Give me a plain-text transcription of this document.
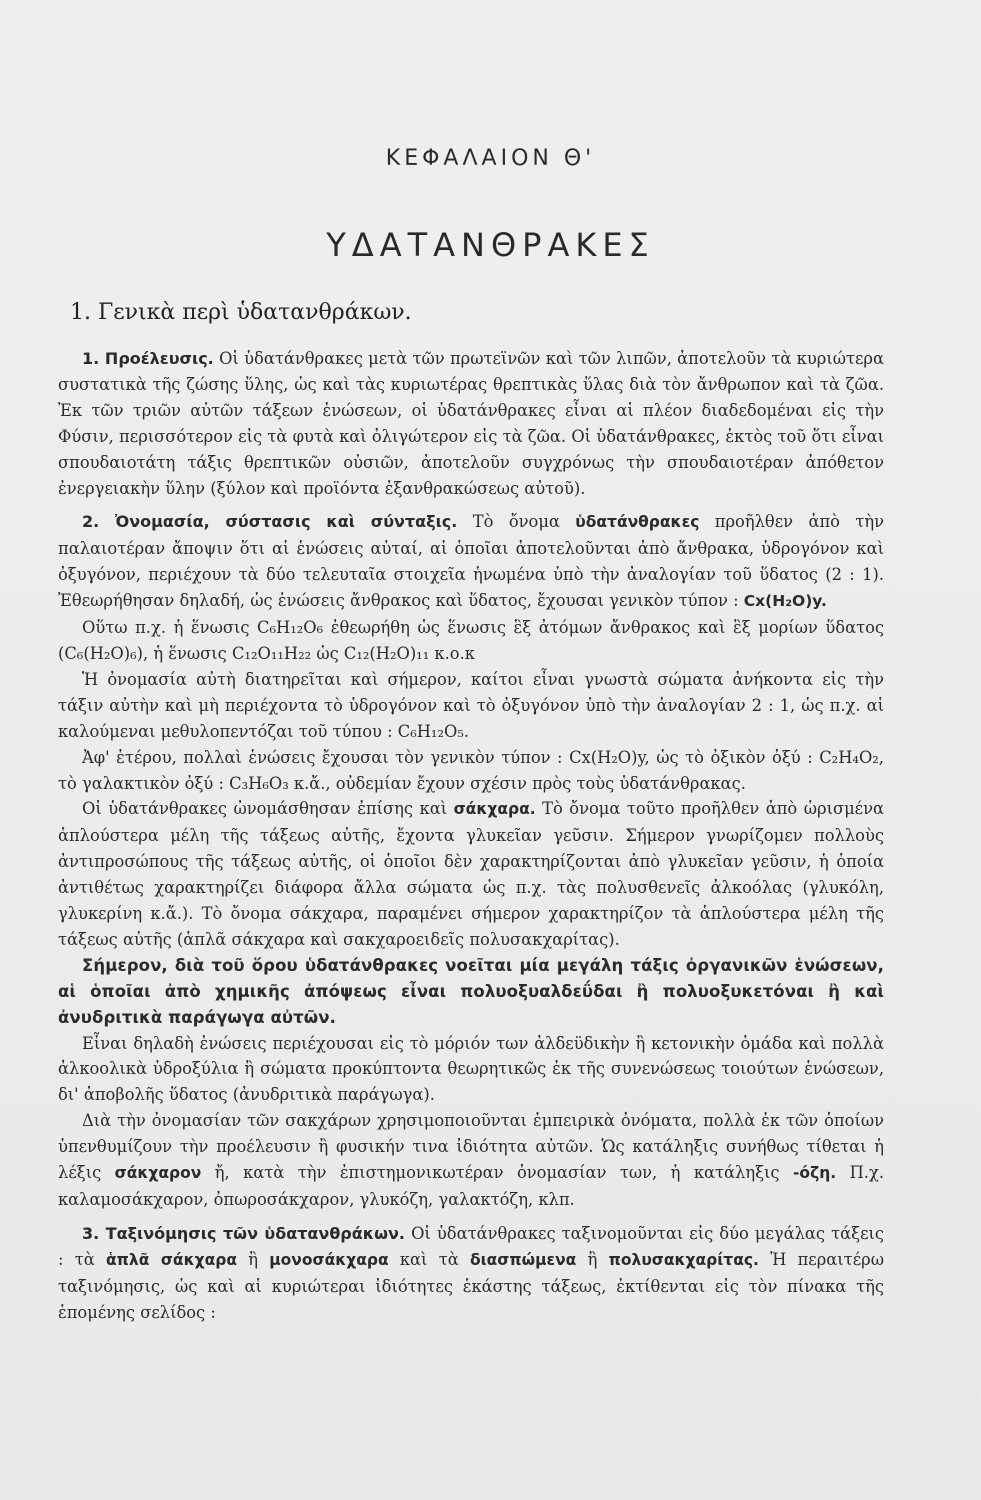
ΚΕΦΑΛΑΙΟΝ Θ'
ΥΔΑΤΑΝΘΡΑΚΕΣ
1. Γενικὰ περὶ ὑδατανθράκων.

1. Προέλευσις. Οἱ ὑδατάνθρακες μετὰ τῶν πρωτεϊνῶν καὶ τῶν λιπῶν, ἀποτελοῦν τὰ κυριώτερα συστατικὰ τῆς ζώσης ὕλης, ὡς καὶ τὰς κυριωτέρας θρεπτικὰς ὕλας διὰ τὸν ἄνθρωπον καὶ τὰ ζῶα. Ἐκ τῶν τριῶν αὐτῶν τάξεων ἑνώσεων, οἱ ὑδατάνθρακες εἶναι αἱ πλέον διαδεδομέναι εἰς τὴν Φύσιν, περισσότερον εἰς τὰ φυτὰ καὶ ὀλιγώτερον εἰς τὰ ζῶα. Οἱ ὑδατάνθρακες, ἐκτὸς τοῦ ὅτι εἶναι σπουδαιοτάτη τάξις θρεπτικῶν οὐσιῶν, ἀποτελοῦν συγχρόνως τὴν σπουδαιοτέραν ἀπόθετον ἐνεργειακὴν ὕλην (ξύλον καὶ προϊόντα ἐξανθρακώσεως αὐτοῦ).

2. Ὀνομασία, σύστασις καὶ σύνταξις. Τὸ ὄνομα ὑδατάνθρακες προῆλθεν ἀπὸ τὴν παλαιοτέραν ἄποψιν ὅτι αἱ ἑνώσεις αὐταί, αἱ ὁποῖαι ἀποτελοῦνται ἀπὸ ἄνθρακα, ὑδρογόνον καὶ ὀξυγόνον, περιέχουν τὰ δύο τελευταῖα στοιχεῖα ἡνωμένα ὑπὸ τὴν ἀναλογίαν τοῦ ὕδατος (2 : 1). Ἐθεωρήθησαν δηλαδή, ὡς ἑνώσεις ἄνθρακος καὶ ὕδατος, ἔχουσαι γενικὸν τύπον : Cx(H₂O)y.

Οὕτω π.χ. ἡ ἕνωσις C₆H₁₂O₆ ἐθεωρήθη ὡς ἕνωσις ἓξ ἀτόμων ἄνθρακος καὶ ἓξ μορίων ὕδατος (C₆(H₂O)₆), ἡ ἕνωσις C₁₂O₁₁H₂₂ ὡς C₁₂(H₂O)₁₁ κ.ο.κ

Ἡ ὀνομασία αὐτὴ διατηρεῖται καὶ σήμερον, καίτοι εἶναι γνωστὰ σώματα ἀνήκοντα εἰς τὴν τάξιν αὐτὴν καὶ μὴ περιέχοντα τὸ ὑδρογόνον καὶ τὸ ὀξυγόνον ὑπὸ τὴν ἀναλογίαν 2 : 1, ὡς π.χ. αἱ καλούμεναι μεθυλοπεντόζαι τοῦ τύπου : C₆H₁₂O₅.

Ἀφ' ἑτέρου, πολλαὶ ἑνώσεις ἔχουσαι τὸν γενικὸν τύπον : Cx(H₂O)y, ὡς τὸ ὀξικὸν ὀξύ : C₂H₄O₂, τὸ γαλακτικὸν ὀξύ : C₃H₆O₃ κ.ἄ., οὐδεμίαν ἔχουν σχέσιν πρὸς τοὺς ὑδατάνθρακας.

Οἱ ὑδατάνθρακες ὠνομάσθησαν ἐπίσης καὶ σάκχαρα. Τὸ ὄνομα τοῦτο προῆλθεν ἀπὸ ὡρισμένα ἁπλούστερα μέλη τῆς τάξεως αὐτῆς, ἔχοντα γλυκεῖαν γεῦσιν. Σήμερον γνωρίζομεν πολλοὺς ἀντιπροσώπους τῆς τάξεως αὐτῆς, οἱ ὁποῖοι δὲν χαρακτηρίζονται ἀπὸ γλυκεῖαν γεῦσιν, ἡ ὁποία ἀντιθέτως χαρακτηρίζει διάφορα ἄλλα σώματα ὡς π.χ. τὰς πολυσθενεῖς ἀλκοόλας (γλυκόλη, γλυκερίνη κ.ἄ.). Τὸ ὄνομα σάκχαρα, παραμένει σήμερον χαρακτηρίζον τὰ ἁπλούστερα μέλη τῆς τάξεως αὐτῆς (ἁπλᾶ σάκχαρα καὶ σακχαροειδεῖς πολυσακχαρίτας).

Σήμερον, διὰ τοῦ ὅρου ὑδατάνθρακες νοεῖται μία μεγάλη τάξις ὀργανικῶν ἑνώσεων, αἱ ὁποῖαι ἀπὸ χημικῆς ἀπόψεως εἶναι πολυοξυαλδεΰδαι ἢ πολυοξυκετόναι ἢ καὶ ἀνυδριτικὰ παράγωγα αὐτῶν.

Εἶναι δηλαδὴ ἑνώσεις περιέχουσαι εἰς τὸ μόριόν των ἀλδεϋδικὴν ἢ κετονικὴν ὁμάδα καὶ πολλὰ ἀλκοολικὰ ὑδροξύλια ἢ σώματα προκύπτοντα θεωρητικῶς ἐκ τῆς συνενώσεως τοιούτων ἑνώσεων, δι' ἀποβολῆς ὕδατος (ἀνυδριτικὰ παράγωγα).

Διὰ τὴν ὀνομασίαν τῶν σακχάρων χρησιμοποιοῦνται ἐμπειρικὰ ὀνόματα, πολλὰ ἐκ τῶν ὁποίων ὑπενθυμίζουν τὴν προέλευσιν ἢ φυσικήν τινα ἰδιότητα αὐτῶν. Ὡς κατάληξις συνήθως τίθεται ἡ λέξις σάκχαρον ἤ, κατὰ τὴν ἐπιστημονικωτέραν ὀνομασίαν των, ἡ κατάληξις -όζη. Π.χ. καλαμοσάκχαρον, ὀπωροσάκχαρον, γλυκόζη, γαλακτόζη, κλπ.

3. Ταξινόμησις τῶν ὑδατανθράκων. Οἱ ὑδατάνθρακες ταξινομοῦνται εἰς δύο μεγάλας τάξεις : τὰ ἁπλᾶ σάκχαρα ἢ μονοσάκχαρα καὶ τὰ διασπώμενα ἢ πολυσακχαρίτας. Ἡ περαιτέρω ταξινόμησις, ὡς καὶ αἱ κυριώτεραι ἰδιότητες ἑκάστης τάξεως, ἐκτίθενται εἰς τὸν πίνακα τῆς ἑπομένης σελίδος :
